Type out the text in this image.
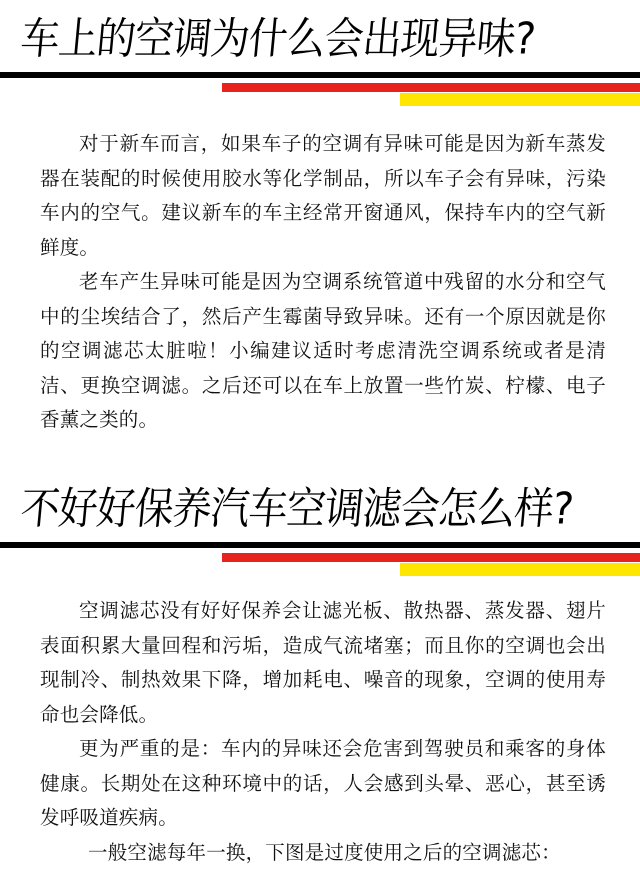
车上的空调为什么会出现异味?

对于新车而言，如果车子的空调有异味可能是因为新车蒸发器在装配的时候使用胶水等化学制品，所以车子会有异味，污染车内的空气。建议新车的车主经常开窗通风，保持车内的空气新鲜度。

老车产生异味可能是因为空调系统管道中残留的水分和空气中的尘埃结合了，然后产生霉菌导致异味。还有一个原因就是你的空调滤芯太脏啦！小编建议适时考虑清洗空调系统或者是清洁、更换空调滤。之后还可以在车上放置一些竹炭、柠檬、电子香薰之类的。

不好好保养汽车空调滤会怎么样?

空调滤芯没有好好保养会让滤光板、散热器、蒸发器、翅片表面积累大量回程和污垢，造成气流堵塞；而且你的空调也会出现制冷、制热效果下降，增加耗电、噪音的现象，空调的使用寿命也会降低。

更为严重的是：车内的异味还会危害到驾驶员和乘客的身体健康。长期处在这种环境中的话，人会感到头晕、恶心，甚至诱发呼吸道疾病。

一般空滤每年一换，下图是过度使用之后的空调滤芯：
